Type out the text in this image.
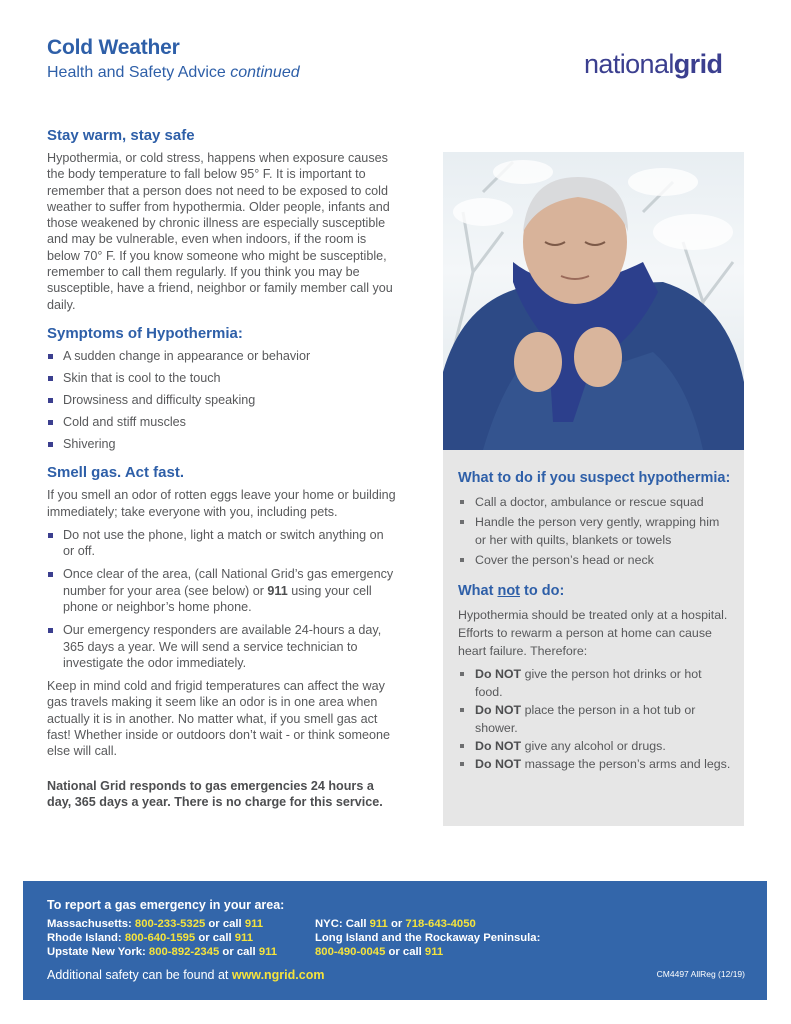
Cold Weather
Health and Safety Advice continued	nationalgrid
Stay warm, stay safe

Hypothermia, or cold stress, happens when exposure causes the body temperature to fall below 95° F. It is important to remember that a person does not need to be exposed to cold weather to suffer from hypothermia. Older people, infants and those weakened by chronic illness are especially susceptible and may be vulnerable, even when indoors, if the room is below 70° F. If you know someone who might be susceptible, remember to call them regularly. If you think you may be susceptible, have a friend, neighbor or family member call you daily.

Symptoms of Hypothermia:
A sudden change in appearance or behavior
Skin that is cool to the touch
Drowsiness and difficulty speaking
Cold and stiff muscles
Shivering
Smell gas. Act fast.

If you smell an odor of rotten eggs leave your home or building immediately; take everyone with you, including pets.

Do not use the phone, light a match or switch anything on or off.
Once clear of the area, (call National Grid’s gas emergency number for your area (see below) or 911 using your cell phone or neighbor’s home phone.
Our emergency responders are available 24-hours a day, 365 days a year. We will send a service technician to investigate the odor immediately.

Keep in mind cold and frigid temperatures can affect the way gas travels making it seem like an odor is in one area when actually it is in another. No matter what, if you smell gas act fast! Whether inside or outdoors don’t wait - or think someone else will call.

National Grid responds to gas emergencies 24 hours a day, 365 days a year. There is no charge for this service.

What to do if you suspect hypothermia:
Call a doctor, ambulance or rescue squad
Handle the person very gently, wrapping him or her with quilts, blankets or towels
Cover the person’s head or neck
What not to do:

Hypothermia should be treated only at a hospital. Efforts to rewarm a person at home can cause heart failure. Therefore:

Do NOT give the person hot drinks or hot food.
Do NOT place the person in a hot tub or shower.
Do NOT give any alcohol or drugs.
Do NOT massage the person’s arms and legs.
To report a gas emergency in your area:
Massachusetts: 800-233-5325 or call 911
Rhode Island: 800-640-1595 or call 911
Upstate New York: 800-892-2345 or call 911
NYC: Call 911 or 718-643-4050
Long Island and the Rockaway Peninsula:
800-490-0045 or call 911
Additional safety can be found at www.ngrid.com	CM4497 AllReg (12/19)
